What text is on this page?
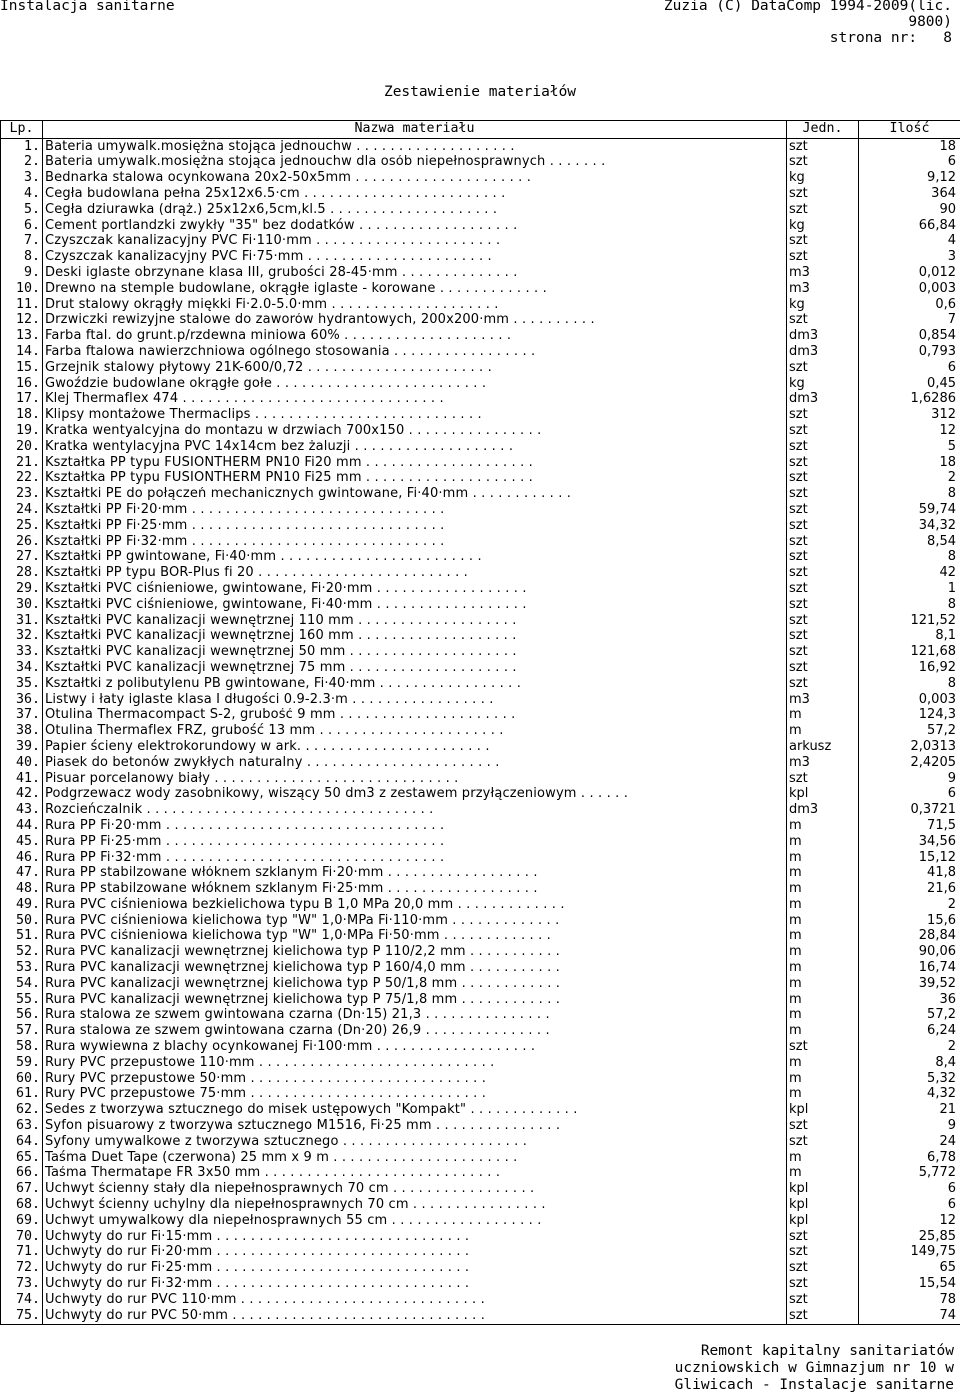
Instalacja sanitarne	Zuzia (C) DataComp 1994-2009(lic.
9800)
strona nr:   8
Zestawienie materiałów
Lp.	Nazwa materiału	Jedn.	Ilość
1.	Bateria umywalk.mosiężna stojąca jednouchw . . . . . . . . . . . . . . . . . . .	szt	18
2.	Bateria umywalk.mosiężna stojąca jednouchw dla osób niepełnosprawnych . . . . . . .	szt	6
3.	Bednarka stalowa ocynkowana 20x2-50x5mm . . . . . . . . . . . . . . . . . . . . .	kg	9,12
4.	Cegła budowlana pełna 25x12x6.5·cm . . . . . . . . . . . . . . . . . . . . . . . .	szt	364
5.	Cegła dziurawka (drąż.) 25x12x6,5cm,kl.5 . . . . . . . . . . . . . . . . . . . .	szt	90
6.	Cement portlandzki zwykły "35" bez dodatków . . . . . . . . . . . . . . . . . . .	kg	66,84
7.	Czyszczak kanalizacyjny PVC Fi·110·mm . . . . . . . . . . . . . . . . . . . . . .	szt	4
8.	Czyszczak kanalizacyjny PVC Fi·75·mm . . . . . . . . . . . . . . . . . . . . . .	szt	3
9.	Deski iglaste obrzynane klasa III, grubości 28-45·mm . . . . . . . . . . . . . .	m3	0,012
10.	Drewno na stemple budowlane, okrągłe iglaste - korowane . . . . . . . . . . . . .	m3	0,003
11.	Drut stalowy okrągły miękki Fi·2.0-5.0·mm . . . . . . . . . . . . . . . . . . . .	kg	0,6
12.	Drzwiczki rewizyjne stalowe do zaworów hydrantowych, 200x200·mm . . . . . . . . . .	szt	7
13.	Farba ftal. do grunt.p/rzdewna miniowa 60% . . . . . . . . . . . . . . . . . . . .	dm3	0,854
14.	Farba ftalowa nawierzchniowa ogólnego stosowania . . . . . . . . . . . . . . . . .	dm3	0,793
15.	Grzejnik stalowy płytowy 21K-600/0,72 . . . . . . . . . . . . . . . . . . . . . .	szt	6
16.	Gwoździe budowlane okrągłe gołe . . . . . . . . . . . . . . . . . . . . . . . . .	kg	0,45
17.	Klej Thermaflex 474 . . . . . . . . . . . . . . . . . . . . . . . . . . . . . . .	dm3	1,6286
18.	Klipsy montażowe Thermaclips . . . . . . . . . . . . . . . . . . . . . . . . . . .	szt	312
19.	Kratka wentyalcyjna do montazu w drzwiach 700x150 . . . . . . . . . . . . . . . .	szt	12
20.	Kratka wentylacyjna PVC 14x14cm bez żaluzji . . . . . . . . . . . . . . . . . . .	szt	5
21.	Kształtka PP typu FUSIONTHERM PN10 Fi20 mm . . . . . . . . . . . . . . . . . . . .	szt	18
22.	Kształtka PP typu FUSIONTHERM PN10 Fi25 mm . . . . . . . . . . . . . . . . . . . .	szt	2
23.	Kształtki PE do połączeń mechanicznych gwintowane, Fi·40·mm . . . . . . . . . . . .	szt	8
24.	Kształtki PP Fi·20·mm . . . . . . . . . . . . . . . . . . . . . . . . . . . . . .	szt	59,74
25.	Kształtki PP Fi·25·mm . . . . . . . . . . . . . . . . . . . . . . . . . . . . . .	szt	34,32
26.	Kształtki PP Fi·32·mm . . . . . . . . . . . . . . . . . . . . . . . . . . . . . .	szt	8,54
27.	Kształtki PP gwintowane, Fi·40·mm . . . . . . . . . . . . . . . . . . . . . . . .	szt	8
28.	Kształtki PP typu BOR-Plus fi 20 . . . . . . . . . . . . . . . . . . . . . . . . .	szt	42
29.	Kształtki PVC ciśnieniowe, gwintowane, Fi·20·mm . . . . . . . . . . . . . . . . . .	szt	1
30.	Kształtki PVC ciśnieniowe, gwintowane, Fi·40·mm . . . . . . . . . . . . . . . . . .	szt	8
31.	Kształtki PVC kanalizacji wewnętrznej 110 mm . . . . . . . . . . . . . . . . . . .	szt	121,52
32.	Kształtki PVC kanalizacji wewnętrznej 160 mm . . . . . . . . . . . . . . . . . . .	szt	8,1
33.	Kształtki PVC kanalizacji wewnętrznej 50 mm . . . . . . . . . . . . . . . . . . . .	szt	121,68
34.	Kształtki PVC kanalizacji wewnętrznej 75 mm . . . . . . . . . . . . . . . . . . . .	szt	16,92
35.	Kształtki z polibutylenu PB gwintowane, Fi·40·mm . . . . . . . . . . . . . . . . .	szt	8
36.	Listwy i łaty iglaste klasa I długości 0.9-2.3·m . . . . . . . . . . . . . . . . .	m3	0,003
37.	Otulina Thermacompact S-2, grubość 9 mm . . . . . . . . . . . . . . . . . . . . .	m	124,3
38.	Otulina Thermaflex FRZ, grubość 13 mm . . . . . . . . . . . . . . . . . . . . . .	m	57,2
39.	Papier ścieny elektrokorundowy w ark. . . . . . . . . . . . . . . . . . . . . . .	arkusz	2,0313
40.	Piasek do betonów zwykłych naturalny . . . . . . . . . . . . . . . . . . . . . . .	m3	2,4205
41.	Pisuar porcelanowy biały . . . . . . . . . . . . . . . . . . . . . . . . . . . . .	szt	9
42.	Podgrzewacz wody zasobnikowy, wiszący 50 dm3 z zestawem przyłączeniowym . . . . . .	kpl	6
43.	Rozcieńczalnik . . . . . . . . . . . . . . . . . . . . . . . . . . . . . . . . . .	dm3	0,3721
44.	Rura PP Fi·20·mm . . . . . . . . . . . . . . . . . . . . . . . . . . . . . . . . .	m	71,5
45.	Rura PP Fi·25·mm . . . . . . . . . . . . . . . . . . . . . . . . . . . . . . . . .	m	34,56
46.	Rura PP Fi·32·mm . . . . . . . . . . . . . . . . . . . . . . . . . . . . . . . . .	m	15,12
47.	Rura PP stabilzowane włóknem szklanym Fi·20·mm . . . . . . . . . . . . . . . . . .	m	41,8
48.	Rura PP stabilzowane włóknem szklanym Fi·25·mm . . . . . . . . . . . . . . . . . .	m	21,6
49.	Rura PVC ciśnieniowa bezkielichowa typu B 1,0 MPa 20,0 mm . . . . . . . . . . . . .	m	2
50.	Rura PVC ciśnieniowa kielichowa typ "W" 1,0·MPa Fi·110·mm . . . . . . . . . . . . .	m	15,6
51.	Rura PVC ciśnieniowa kielichowa typ "W" 1,0·MPa Fi·50·mm . . . . . . . . . . . . .	m	28,84
52.	Rura PVC kanalizacji wewnętrznej kielichowa typ P 110/2,2 mm . . . . . . . . . . .	m	90,06
53.	Rura PVC kanalizacji wewnętrznej kielichowa typ P 160/4,0 mm . . . . . . . . . . .	m	16,74
54.	Rura PVC kanalizacji wewnętrznej kielichowa typ P 50/1,8 mm . . . . . . . . . . . .	m	39,52
55.	Rura PVC kanalizacji wewnętrznej kielichowa typ P 75/1,8 mm . . . . . . . . . . . .	m	36
56.	Rura stalowa ze szwem gwintowana czarna (Dn·15) 21,3 . . . . . . . . . . . . . . .	m	57,2
57.	Rura stalowa ze szwem gwintowana czarna (Dn·20) 26,9 . . . . . . . . . . . . . . .	m	6,24
58.	Rura wywiewna z blachy ocynkowanej Fi·100·mm . . . . . . . . . . . . . . . . . . .	szt	2
59.	Rury PVC przepustowe 110·mm . . . . . . . . . . . . . . . . . . . . . . . . . . . .	m	8,4
60.	Rury PVC przepustowe 50·mm . . . . . . . . . . . . . . . . . . . . . . . . . . . .	m	5,32
61.	Rury PVC przepustowe 75·mm . . . . . . . . . . . . . . . . . . . . . . . . . . . .	m	4,32
62.	Sedes z tworzywa sztucznego do misek ustępowych "Kompakt" . . . . . . . . . . . . .	kpl	21
63.	Syfon pisuarowy z tworzywa sztucznego M1516, Fi·25 mm . . . . . . . . . . . . . . .	szt	9
64.	Syfony umywalkowe z tworzywa sztucznego . . . . . . . . . . . . . . . . . . . . . .	szt	24
65.	Taśma Duet Tape (czerwona) 25 mm x 9 m . . . . . . . . . . . . . . . . . . . . . .	m	6,78
66.	Taśma Thermatape FR 3x50 mm . . . . . . . . . . . . . . . . . . . . . . . . . . . .	m	5,772
67.	Uchwyt ścienny stały dla niepełnosprawnych 70 cm . . . . . . . . . . . . . . . . .	kpl	6
68.	Uchwyt ścienny uchylny dla niepełnosprawnych 70 cm . . . . . . . . . . . . . . . .	kpl	6
69.	Uchwyt umywalkowy dla niepełnosprawnych 55 cm . . . . . . . . . . . . . . . . . .	kpl	12
70.	Uchwyty do rur Fi·15·mm . . . . . . . . . . . . . . . . . . . . . . . . . . . . . .	szt	25,85
71.	Uchwyty do rur Fi·20·mm . . . . . . . . . . . . . . . . . . . . . . . . . . . . . .	szt	149,75
72.	Uchwyty do rur Fi·25·mm . . . . . . . . . . . . . . . . . . . . . . . . . . . . . .	szt	65
73.	Uchwyty do rur Fi·32·mm . . . . . . . . . . . . . . . . . . . . . . . . . . . . . .	szt	15,54
74.	Uchwyty do rur PVC 110·mm . . . . . . . . . . . . . . . . . . . . . . . . . . . . .	szt	78
75.	Uchwyty do rur PVC 50·mm . . . . . . . . . . . . . . . . . . . . . . . . . . . . . .	szt	74
Remont kapitalny sanitariatów
uczniowskich w Gimnazjum nr 10 w
Gliwicach - Instalacje sanitarne
